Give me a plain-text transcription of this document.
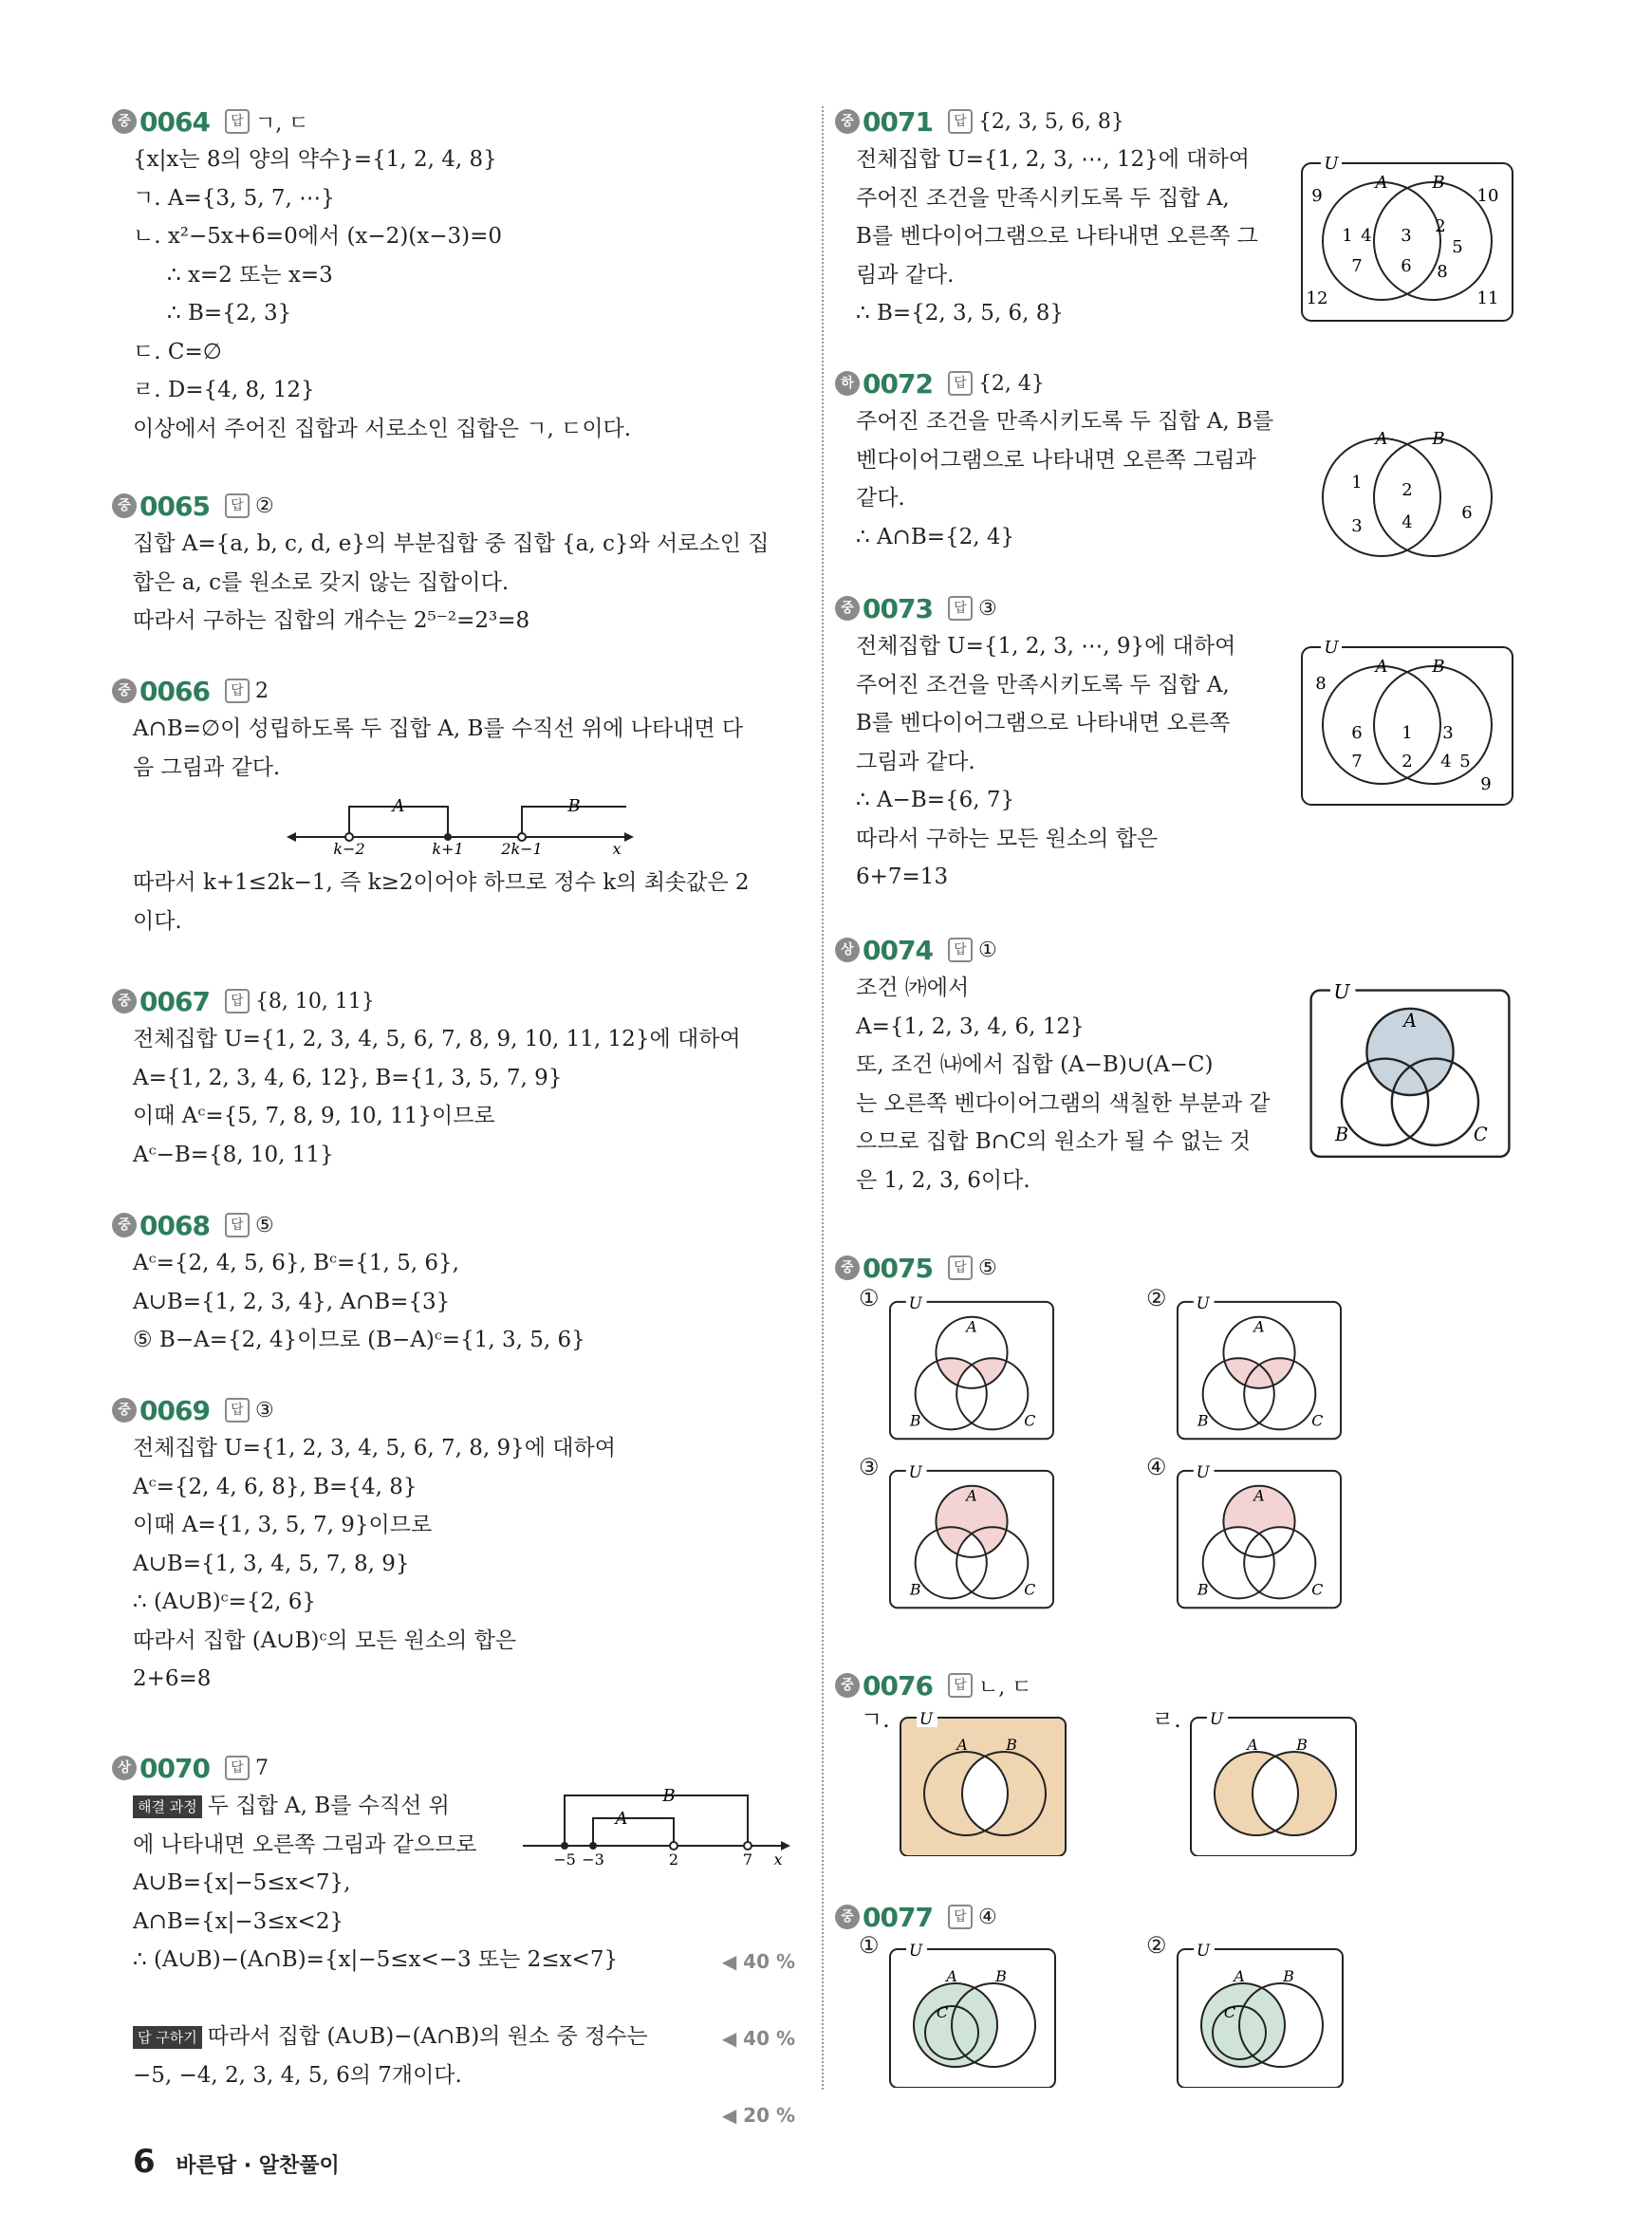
중 0064	답 ㄱ, ㄷ
{x|x는 8의 양의 약수}={1, 2, 4, 8}
ㄱ. A={3, 5, 7, ⋯}
ㄴ. x²−5x+6=0에서 (x−2)(x−3)=0
∴ x=2 또는 x=3
∴ B={2, 3}
ㄷ. C=∅
ㄹ. D={4, 8, 12}
이상에서 주어진 집합과 서로소인 집합은 ㄱ, ㄷ이다.
중 0065	답 ②
집합 A={a, b, c, d, e}의 부분집합 중 집합 {a, c}와 서로소인 집
합은 a, c를 원소로 갖지 않는 집합이다.
따라서 구하는 집합의 개수는 2⁵⁻²=2³=8
중 0066	답 2
A∩B=∅이 성립하도록 두 집합 A, B를 수직선 위에 나타내면 다
음 그림과 같다.
따라서 k+1≤2k−1, 즉 k≥2이어야 하므로 정수 k의 최솟값은 2
이다.
중 0067	답 {8, 10, 11}
전체집합 U={1, 2, 3, 4, 5, 6, 7, 8, 9, 10, 11, 12}에 대하여
A={1, 2, 3, 4, 6, 12}, B={1, 3, 5, 7, 9}
이때 Aᶜ={5, 7, 8, 9, 10, 11}이므로
Aᶜ−B={8, 10, 11}
중 0068	답 ⑤
Aᶜ={2, 4, 5, 6}, Bᶜ={1, 5, 6},
A∪B={1, 2, 3, 4}, A∩B={3}
⑤ B−A={2, 4}이므로 (B−A)ᶜ={1, 3, 5, 6}
중 0069	답 ③
전체집합 U={1, 2, 3, 4, 5, 6, 7, 8, 9}에 대하여
Aᶜ={2, 4, 6, 8}, B={4, 8}
이때 A={1, 3, 5, 7, 9}이므로
A∪B={1, 3, 4, 5, 7, 8, 9}
∴ (A∪B)ᶜ={2, 6}
따라서 집합 (A∪B)ᶜ의 모든 원소의 합은
2+6=8
상 0070	답 7
해결 과정 두 집합 A, B를 수직선 위
에 나타내면 오른쪽 그림과 같으므로
A∪B={x|−5≤x<7},
A∩B={x|−3≤x<2}
∴ (A∪B)−(A∩B)={x|−5≤x<−3 또는 2≤x<7}
답 구하기 따라서 집합 (A∪B)−(A∩B)의 원소 중 정수는
−5, −4, 2, 3, 4, 5, 6의 7개이다.
◀ 40 %
◀ 40 %
◀ 20 %
중 0071	답 {2, 3, 5, 6, 8}
전체집합 U={1, 2, 3, ⋯, 12}에 대하여
주어진 조건을 만족시키도록 두 집합 A,
B를 벤다이어그램으로 나타내면 오른쪽 그
림과 같다.
∴ B={2, 3, 5, 6, 8}
하 0072	답 {2, 4}
주어진 조건을 만족시키도록 두 집합 A, B를
벤다이어그램으로 나타내면 오른쪽 그림과
같다.
∴ A∩B={2, 4}
중 0073	답 ③
전체집합 U={1, 2, 3, ⋯, 9}에 대하여
주어진 조건을 만족시키도록 두 집합 A,
B를 벤다이어그램으로 나타내면 오른쪽
그림과 같다.
∴ A−B={6, 7}
따라서 구하는 모든 원소의 합은
6+7=13
상 0074	답 ①
조건 ㈎에서
A={1, 2, 3, 4, 6, 12}
또, 조건 ㈏에서 집합 (A−B)∪(A−C)
는 오른쪽 벤다이어그램의 색칠한 부분과 같
으므로 집합 B∩C의 원소가 될 수 없는 것
은 1, 2, 3, 6이다.
중 0075	답 ⑤
중 0076	답 ㄴ, ㄷ
중 0077	답 ④
6 바른답 · 알찬풀이
A	B
k−2	k+1 2k−1	x
B
A
−5 −3	2	7 x
U
A	B
1 4
7
3
6
2
5
8
9	10
12	11
A	B
1
3
2
4	6
U
A	B
6
7
1
2
3
4 5
8
9
U
A
B	C
U
A
B	C
U
A
B	C
U
A
B	C
U
A
B	C
U
A	B
U
A	B
U
A	B
C
U
A	B
C
①	②
③	④
ㄱ.	ㄹ.
①	②
